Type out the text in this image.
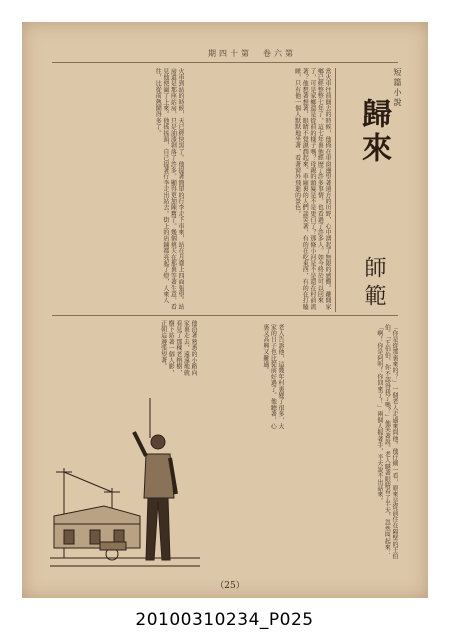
期四十第　卷六第
短篇小說
歸來
師範
當火車往前開去的時候，他倚在車窗邊望著遠方的田野，心中湧起了無限的感慨。離開家鄉已經整整七年了，這七年裏他經歷了許多事情，也看過了許多人。如今終於可以回來了，可是家鄉還是從前的樣子嗎？母親的頭髮是不是更白了？那條小河是不是還在村前流著？他想著想著，眼睛不覺濕潤起來。車廂裏的人們談笑著，有的在吃東西，有的在打瞌睡，只有他一個人默默地坐著，看著窗外飛逝的景色。
火車到站的時候，天已經快黑了。他提著簡單的行李走下車來，站在月臺上四面張望。站房還是那座站房，只是油漆剝落了許多，顯得更加陳舊了。幾個挑夫在那裏等著生意，看見他便圍了上來。他搖搖頭，自己提著行李走出站去。街上的店鋪都亮起了燈，人來人往，比從前熱鬧得多了。
「你是從那裏來的？」一個老人走過來問他。他仔細一看，原來是從前住在隔壁的王伯伯。「王伯伯，你不認得我了嗎？」他笑著說。老人瞇著眼睛看了半天，忽然叫起來：「啊！你是阿明！你回來了！」兩個人握著手，半天說不出話來。
老人告訴他，這幾年村裏變了很多，大家的日子也比從前好過了。他聽著，心裏又高興又難過。
他沿著熟悉的小路向家裏走去，遠遠地就看見了那棵老榕樹，樹下站著一個人影，正朝這邊張望著。
（25）
20100310234_P025
